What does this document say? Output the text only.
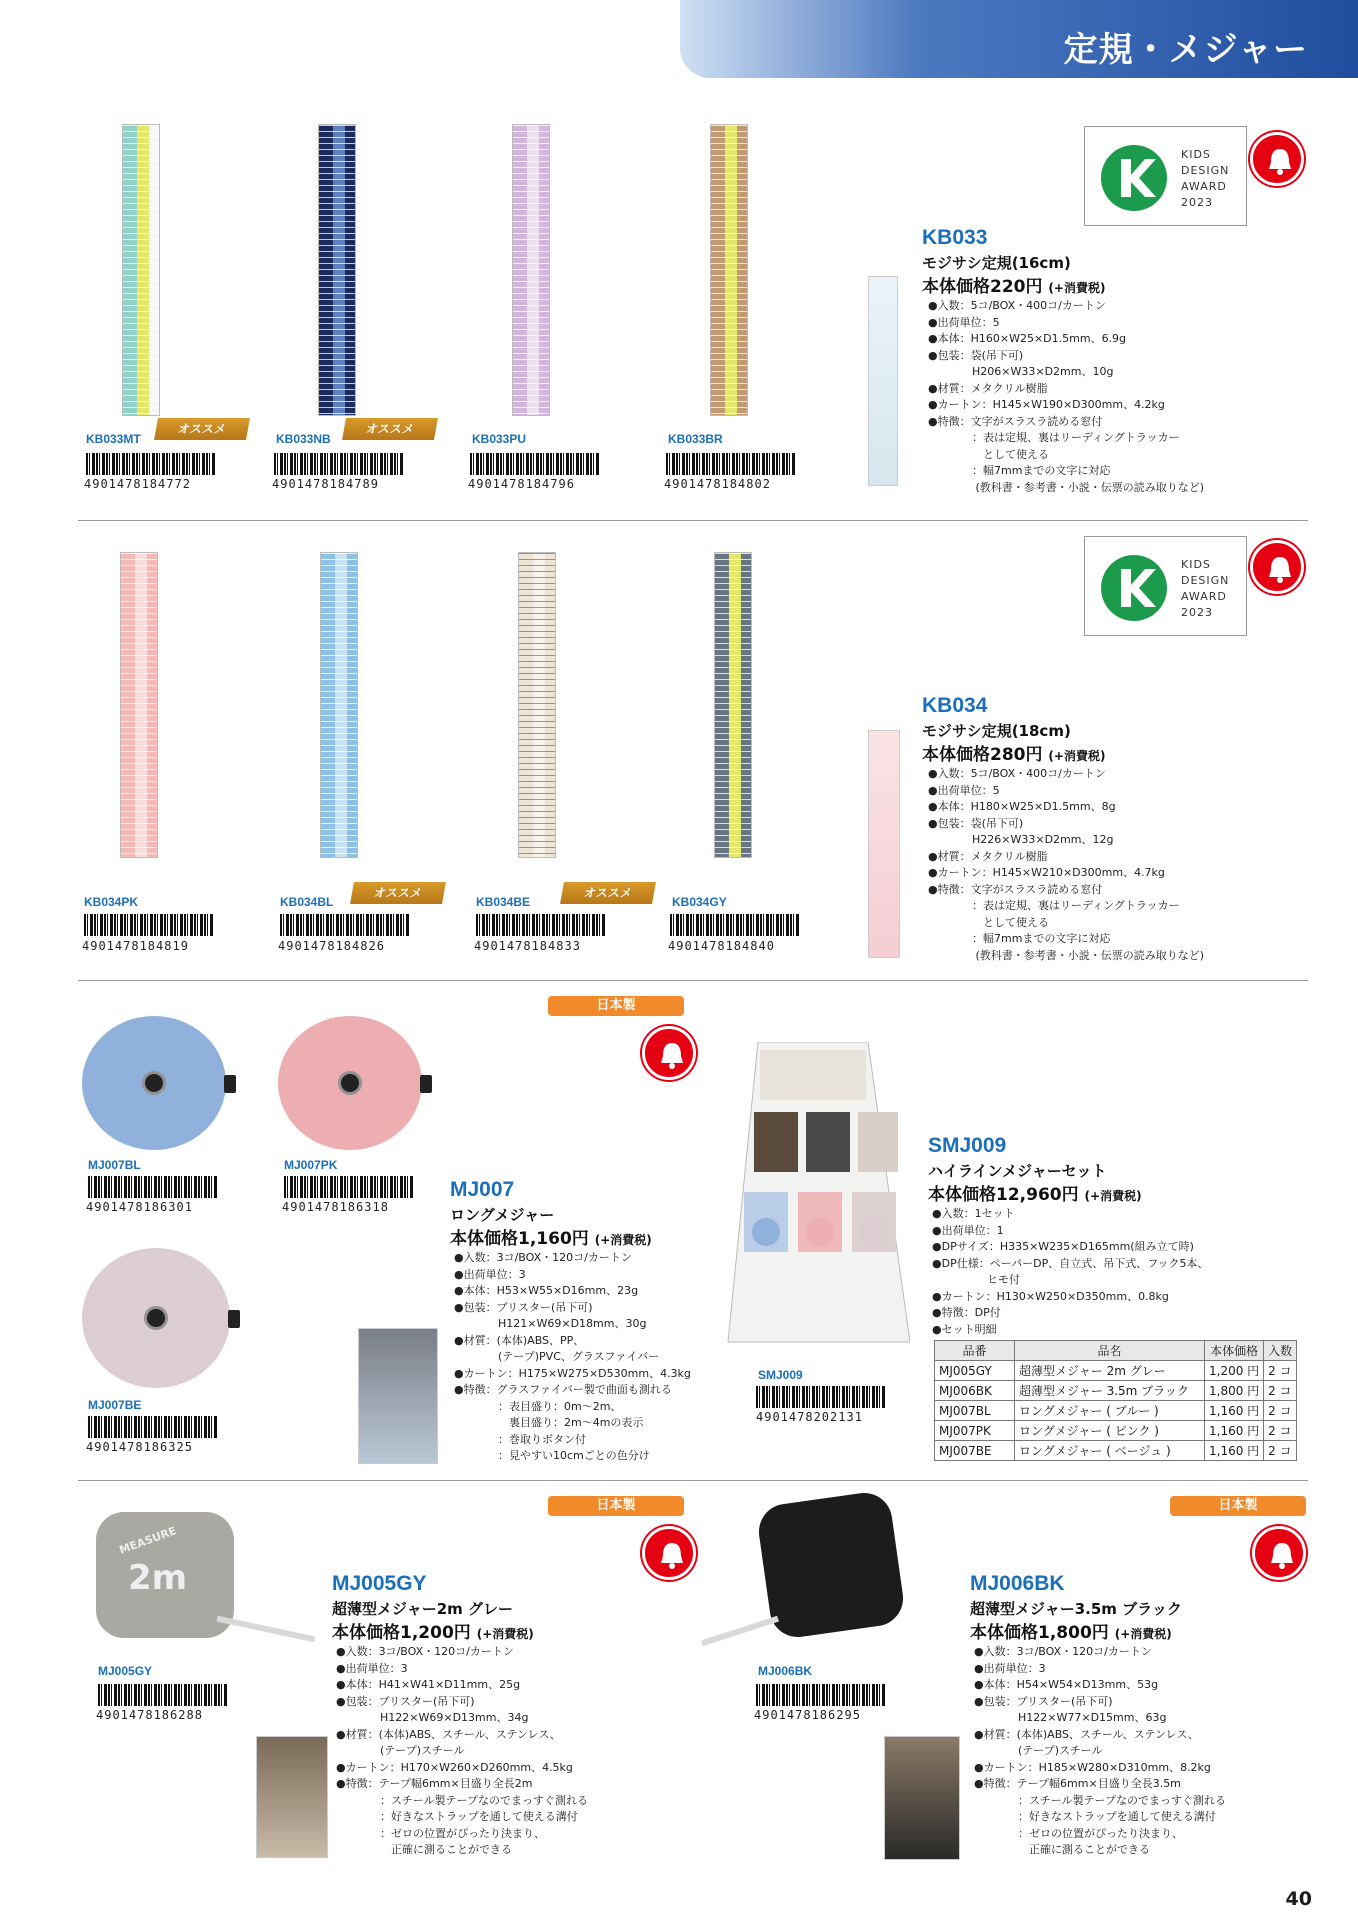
定規・メジャー
オススメ
KB033MT
4901478184772
オススメ
KB033NB
4901478184789
KB033PU
4901478184796
KB033BR
4901478184802
KIDS
DESIGN
AWARD
2023
KB033
モジサシ定規(16cm)
本体価格220円 (+消費税)
●入数：5コ/BOX・400コ/カートン
●出荷単位：5
●本体：H160×W25×D1.5mm、6.9g
●包装：袋(吊下可)
　　　　H206×W33×D2mm、10g
●材質：メタクリル樹脂
●カートン：H145×W190×D300mm、4.2kg
●特徴：文字がスラスラ読める窓付
　　　　：表は定規、裏はリーディングトラッカー
　　　　　として使える
　　　　：幅7mmまでの文字に対応
　　　　 (教科書・参考書・小説・伝票の読み取りなど)
KB034PK
4901478184819
オススメ
KB034BL
4901478184826
オススメ
KB034BE
4901478184833
KB034GY
4901478184840
KIDS
DESIGN
AWARD
2023
KB034
モジサシ定規(18cm)
本体価格280円 (+消費税)
●入数：5コ/BOX・400コ/カートン
●出荷単位：5
●本体：H180×W25×D1.5mm、8g
●包装：袋(吊下可)
　　　　H226×W33×D2mm、12g
●材質：メタクリル樹脂
●カートン：H145×W210×D300mm、4.7kg
●特徴：文字がスラスラ読める窓付
　　　　：表は定規、裏はリーディングトラッカー
　　　　　として使える
　　　　：幅7mmまでの文字に対応
　　　　 (教科書・参考書・小説・伝票の読み取りなど)
MJ007BL
4901478186301
MJ007PK
4901478186318
MJ007BE
4901478186325
日本製
MJ007
ロングメジャー
本体価格1,160円 (+消費税)
●入数：3コ/BOX・120コ/カートン
●出荷単位：3
●本体：H53×W55×D16mm、23g
●包装：ブリスター(吊下可)
　　　　H121×W69×D18mm、30g
●材質：(本体)ABS、PP、
　　　　(テープ)PVC、グラスファイバー
●カートン：H175×W275×D530mm、4.3kg
●特徴：グラスファイバー製で曲面も測れる
　　　　：表目盛り：0m〜2m、
　　　　　裏目盛り：2m〜4mの表示
　　　　：巻取りボタン付
　　　　：見やすい10cmごとの色分け
SMJ009
4901478202131
SMJ009
ハイラインメジャーセット
本体価格12,960円 (+消費税)
●入数：1セット
●出荷単位：1
●DPサイズ：H335×W235×D165mm(組み立て時)
●DP仕様：ペーパーDP、自立式、吊下式、フック5本、
　　　　　ヒモ付
●カートン：H130×W250×D350mm、0.8kg
●特徴：DP付
●セット明細
品番	品名	本体価格	入数
MJ005GY	超薄型メジャー 2m グレー	1,200 円	2 コ
MJ006BK	超薄型メジャー 3.5m ブラック	1,800 円	2 コ
MJ007BL	ロングメジャー ( ブルー )	1,160 円	2 コ
MJ007PK	ロングメジャー ( ピンク )	1,160 円	2 コ
MJ007BE	ロングメジャー ( ベージュ )	1,160 円	2 コ
MEASURE
2m
MJ005GY
4901478186288
日本製
MJ005GY
超薄型メジャー2m グレー
本体価格1,200円 (+消費税)
●入数：3コ/BOX・120コ/カートン
●出荷単位：3
●本体：H41×W41×D11mm、25g
●包装：ブリスター(吊下可)
　　　　H122×W69×D13mm、34g
●材質：(本体)ABS、スチール、ステンレス、
　　　　(テープ)スチール
●カートン：H170×W260×D260mm、4.5kg
●特徴：テープ幅6mm×目盛り全長2m
　　　　：スチール製テープなのでまっすぐ測れる
　　　　：好きなストラップを通して使える溝付
　　　　：ゼロの位置がぴったり決まり、
　　　　　正確に測ることができる
MJ006BK
4901478186295
日本製
MJ006BK
超薄型メジャー3.5m ブラック
本体価格1,800円 (+消費税)
●入数：3コ/BOX・120コ/カートン
●出荷単位：3
●本体：H54×W54×D13mm、53g
●包装：ブリスター(吊下可)
　　　　H122×W77×D15mm、63g
●材質：(本体)ABS、スチール、ステンレス、
　　　　(テープ)スチール
●カートン：H185×W280×D310mm、8.2kg
●特徴：テープ幅6mm×目盛り全長3.5m
　　　　：スチール製テープなのでまっすぐ測れる
　　　　：好きなストラップを通して使える溝付
　　　　：ゼロの位置がぴったり決まり、
　　　　　正確に測ることができる
40
